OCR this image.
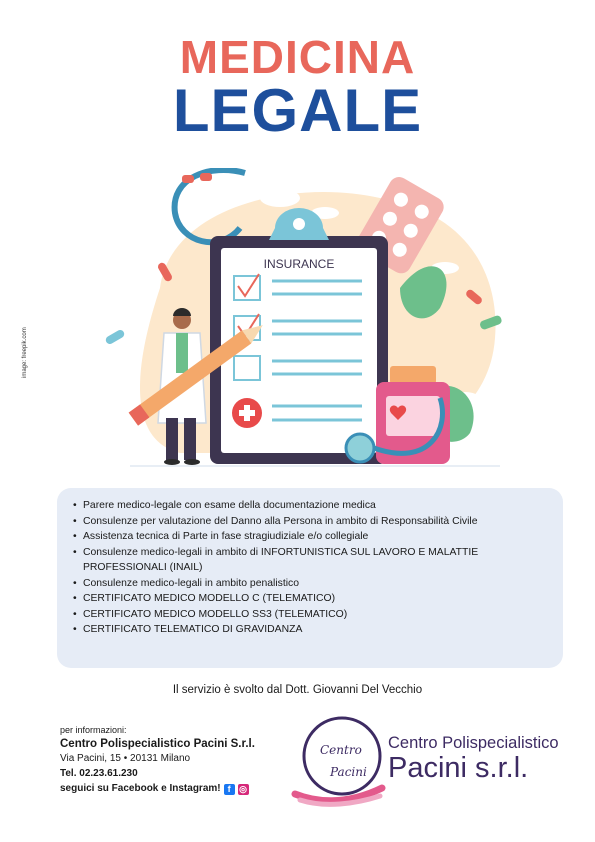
MEDICINA
LEGALE
INSURANCE
image: freepik.com
• Parere medico-legale con esame della documentazione medica
• Consulenze per valutazione del Danno alla Persona in ambito di Responsabilità Civile
• Assistenza tecnica di Parte in fase stragiudiziale e/o collegiale
• Consulenze medico-legali in ambito di INFORTUNISTICA SUL LAVORO E MALATTIE PROFESSIONALI (INAIL)
• Consulenze medico-legali in ambito penalistico
• CERTIFICATO MEDICO MODELLO C (TELEMATICO)
• CERTIFICATO MEDICO MODELLO SS3 (TELEMATICO)
• CERTIFICATO TELEMATICO DI GRAVIDANZA
Il servizio è svolto dal Dott. Giovanni Del Vecchio
per informazioni:
Centro Polispecialistico Pacini S.r.l.
Via Pacini, 15 • 20131 Milano
Tel. 02.23.61.230
seguici su Facebook e Instagram! f ◎
Centro
Pacini
Centro Polispecialistico
Pacini s.r.l.
